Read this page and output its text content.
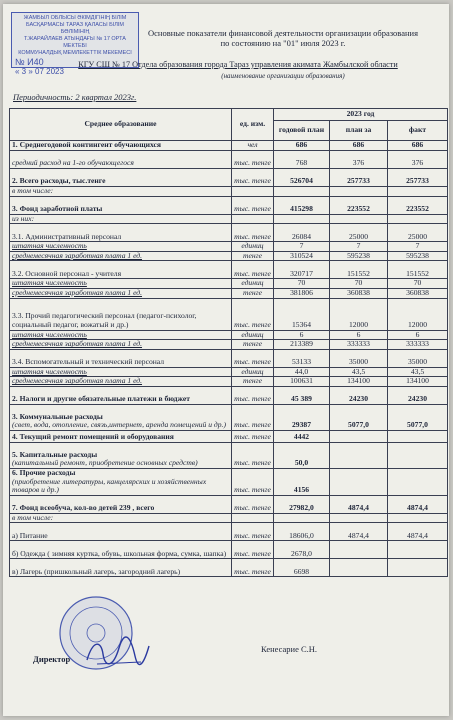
ЖАМБЫЛ ОБЛЫСЫ ӘКІМДІГІНІҢ БІЛІМ
БАСҚАРМАСЫ ТАРАЗ ҚАЛАСЫ БІЛІМ БӨЛІМІНІҢ
Т.ЖАРАЙЛАЕВ АТЫНДАҒЫ № 17 ОРТА МЕКТЕБІ
КОММУНАЛДЫҚ МЕМЛЕКЕТТІК МЕКЕМЕСІ
№ И40
« 3 » 07 2023
Основные показатели финансовой деятельности организации образования
по состоянию на "01" июля 2023 г.
КГУ СШ № 17 Отдела образования города Тараз управления акимата Жамбылской области
(наименование организации образования)
Периодичность: 2 квартал 2023г.
Среднее образование	ед. изм.	2023 год		
		годовой план	план за	факт
1. Среднегодовой контингент обучающихся	чел	686	686	686
средний расход на 1-го обучающегося	тыс. тенге	768	376	376
2. Всего расходы, тыс.тенге	тыс. тенге	526704	257733	257733
в том числе:				
3. Фонд заработной платы	тыс. тенге	415298	223552	223552
из них:				
3.1. Административный персонал	тыс. тенге	26084	25000	25000
штатная численность	единиц	7	7	7
среднемесячная заработная плата 1 ед.	тенге	310524	595238	595238
3.2. Основной персонал - учителя	тыс. тенге	320717	151552	151552
штатная численность	единиц	70	70	70
среднемесячная заработная плата 1 ед.	тенге	381806	360838	360838
3.3. Прочий педагогический персонал (педагог-психолог, социальный педагог, вожатый и др.)	тыс. тенге	15364	12000	12000
штатная численность	единиц	6	6	6
среднемесячная заработная плата 1 ед.	тенге	213389	333333	333333
3.4. Вспомогательный и технический персонал	тыс. тенге	53133	35000	35000
штатная численность	единиц	44,0	43,5	43,5
среднемесячная заработная плата 1 ед.	тенге	100631	134100	134100
2. Налоги и другие обязательные платежи в бюджет	тыс. тенге	45 389	24230	24230
3. Коммунальные расходы
(свет, вода, отопление, связь,интернет, аренда помещений и др.)	тыс. тенге	29387	5077,0	5077,0
4. Текущий ремонт помещений и оборудования	тыс. тенге	4442		
5. Капитальные расходы
(капитальный ремонт, приобретение основных средств)	тыс. тенге	50,0		
6. Прочие расходы
(приобретение литературы, канцелярских и хозяйственных товаров и др.)	тыс. тенге	4156		
7. Фонд всеобуча, кол-во детей 239 , всего	тыс. тенге	27982,0	4874,4	4874,4
в том числе:				
а) Питание	тыс. тенге	18606,0	4874,4	4874,4
б) Одежда ( зимняя куртка, обувь, школьная форма, сумка, шапка)	тыс. тенге	2678,0		
в) Лагерь (пришкольный лагерь, загородний лагерь)	тыс. тенге	6698		
Директор
Кенесарие С.Н.
